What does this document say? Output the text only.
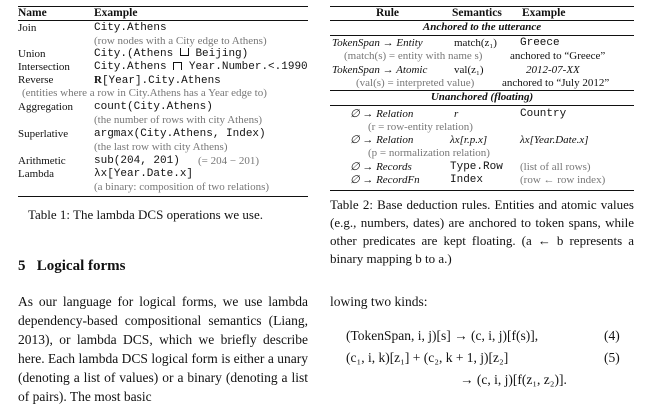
Name	Example
Join	City.Athens
(row nodes with a City edge to Athens)
Union	City.(Athens Beijing)
Intersection City.Athens Year.Number.<.1990
Reverse	R[Year].City.Athens
(entities where a row in City.Athens has a Year edge to)
Aggregation count(City.Athens)
(the number of rows with city Athens)
Superlative argmax(City.Athens, Index)
(the last row with city Athens)
Arithmetic	sub(204, 201) (= 204 − 201)
Lambda	λx[Year.Date.x]
(a binary: composition of two relations)
Table 1: The lambda DCS operations we use.
Rule	Semantics Example
Anchored to the utterance
TokenSpan → Entity	match(z₁) Greece
(match(s) = entity with name s)	anchored to “Greece”
TokenSpan → Atomic val(z₁)	2012-07-XX
(val(s) = interpreted value)	anchored to “July 2012”
Unanchored (floating)
∅ → Relation	r	Country
(r = row-entity relation)
∅ → Relation	λx[r.p.x]	λx[Year.Date.x]
(p = normalization relation)
∅ → Records	Type.Row (list of all rows)
∅ → RecordFn	Index	(row ← row index)
Table 2: Base deduction rules. Entities and atomic values (e.g., numbers, dates) are anchored to token spans, while other predicates are kept floating. (a ← b represents a binary mapping b to a.)
5 Logical forms
As our language for logical forms, we use lambda dependency-based compositional semantics (Liang, 2013), or lambda DCS, which we briefly describe here. Each lambda DCS logical form is either a unary (denoting a list of values) or a binary (denoting a list of pairs). The most basic
lowing two kinds:
(TokenSpan, i, j)[s] → (c, i, j)[f(s)],	(4)
(c₁, i, k)[z₁] + (c₂, k + 1, j)[z₂]	(5)
→ (c, i, j)[f(z₁, z₂)].
